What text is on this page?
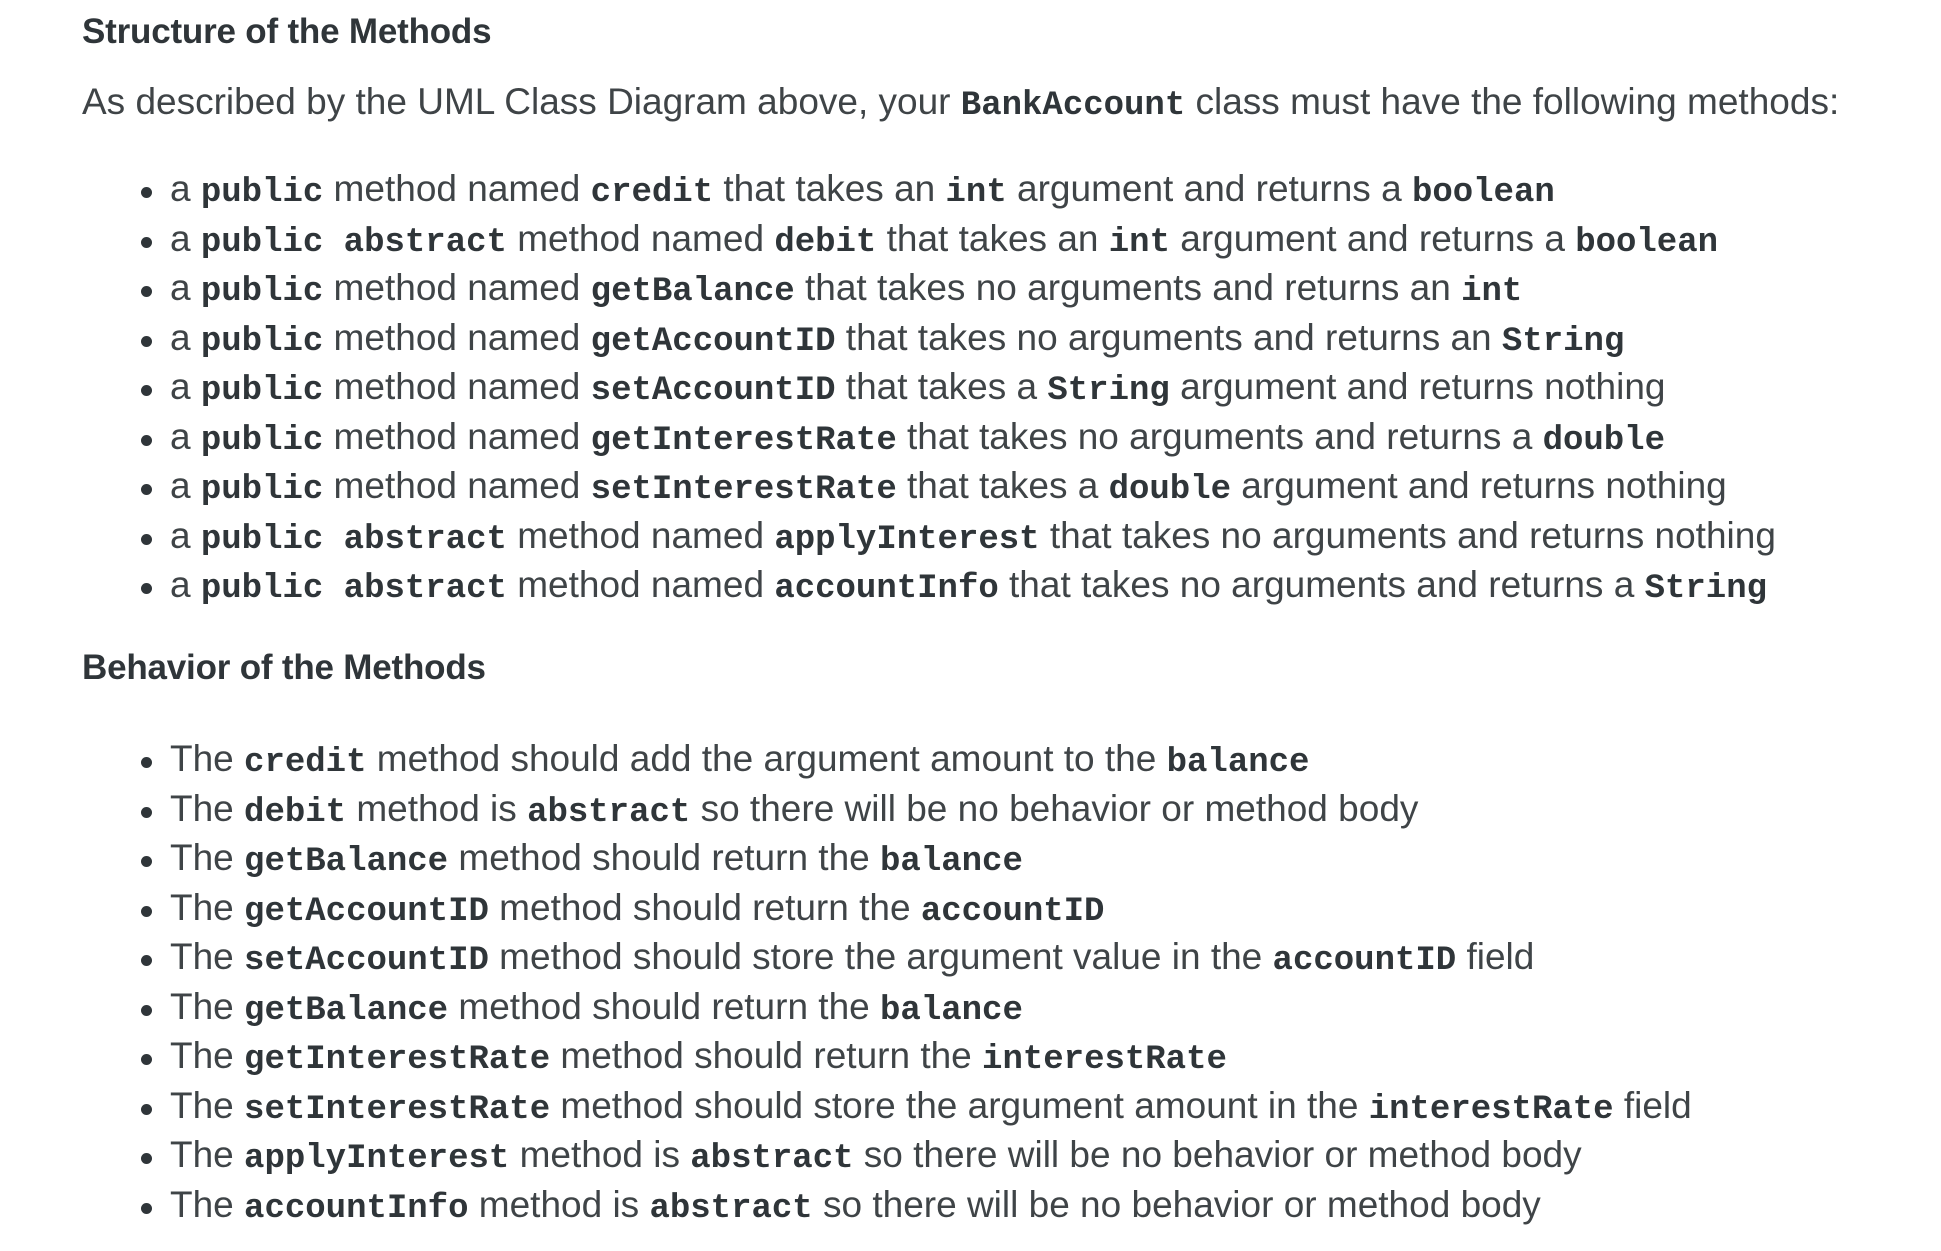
Structure of the Methods

As described by the UML Class Diagram above, your BankAccount class must have the following methods:

a public method named credit that takes an int argument and returns a boolean
a public abstract method named debit that takes an int argument and returns a boolean
a public method named getBalance that takes no arguments and returns an int
a public method named getAccountID that takes no arguments and returns an String
a public method named setAccountID that takes a String argument and returns nothing
a public method named getInterestRate that takes no arguments and returns a double
a public method named setInterestRate that takes a double argument and returns nothing
a public abstract method named applyInterest that takes no arguments and returns nothing
a public abstract method named accountInfo that takes no arguments and returns a String
Behavior of the Methods
The credit method should add the argument amount to the balance
The debit method is abstract so there will be no behavior or method body
The getBalance method should return the balance
The getAccountID method should return the accountID
The setAccountID method should store the argument value in the accountID field
The getBalance method should return the balance
The getInterestRate method should return the interestRate
The setInterestRate method should store the argument amount in the interestRate field
The applyInterest method is abstract so there will be no behavior or method body
The accountInfo method is abstract so there will be no behavior or method body
